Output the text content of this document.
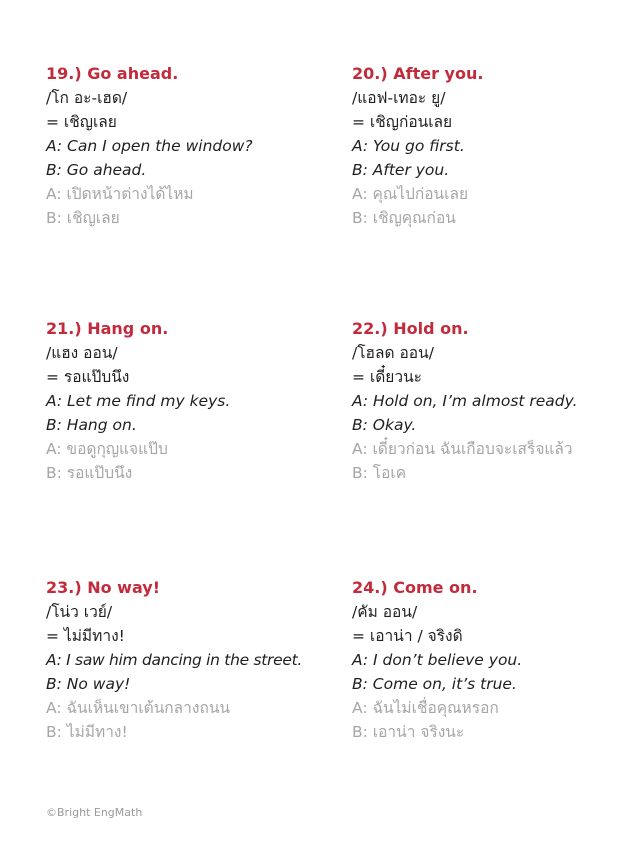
19.) Go ahead.
/โก อะ-เฮด/
= เชิญเลย
A: Can I open the window?
B: Go ahead.
A: เปิดหน้าต่างได้ไหม
B: เชิญเลย
20.) After you.
/แอฟ-เทอะ ยู/
= เชิญก่อนเลย
A: You go first.
B: After you.
A: คุณไปก่อนเลย
B: เชิญคุณก่อน
21.) Hang on.
/แฮง ออน/
= รอแป๊บนึง
A: Let me find my keys.
B: Hang on.
A: ขอดูกุญแจแป๊บ
B: รอแป๊บนึง
22.) Hold on.
/โฮลด ออน/
= เดี๋ยวนะ
A: Hold on, I’m almost ready.
B: Okay.
A: เดี๋ยวก่อน ฉันเกือบจะเสร็จแล้ว
B: โอเค
23.) No way!
/โน่ว เวย์/
= ไม่มีทาง!
A: I saw him dancing in the street.
B: No way!
A: ฉันเห็นเขาเต้นกลางถนน
B: ไม่มีทาง!
24.) Come on.
/คัม ออน/
= เอาน่า / จริงดิ
A: I don’t believe you.
B: Come on, it’s true.
A: ฉันไม่เชื่อคุณหรอก
B: เอาน่า จริงนะ
©Bright EngMath
